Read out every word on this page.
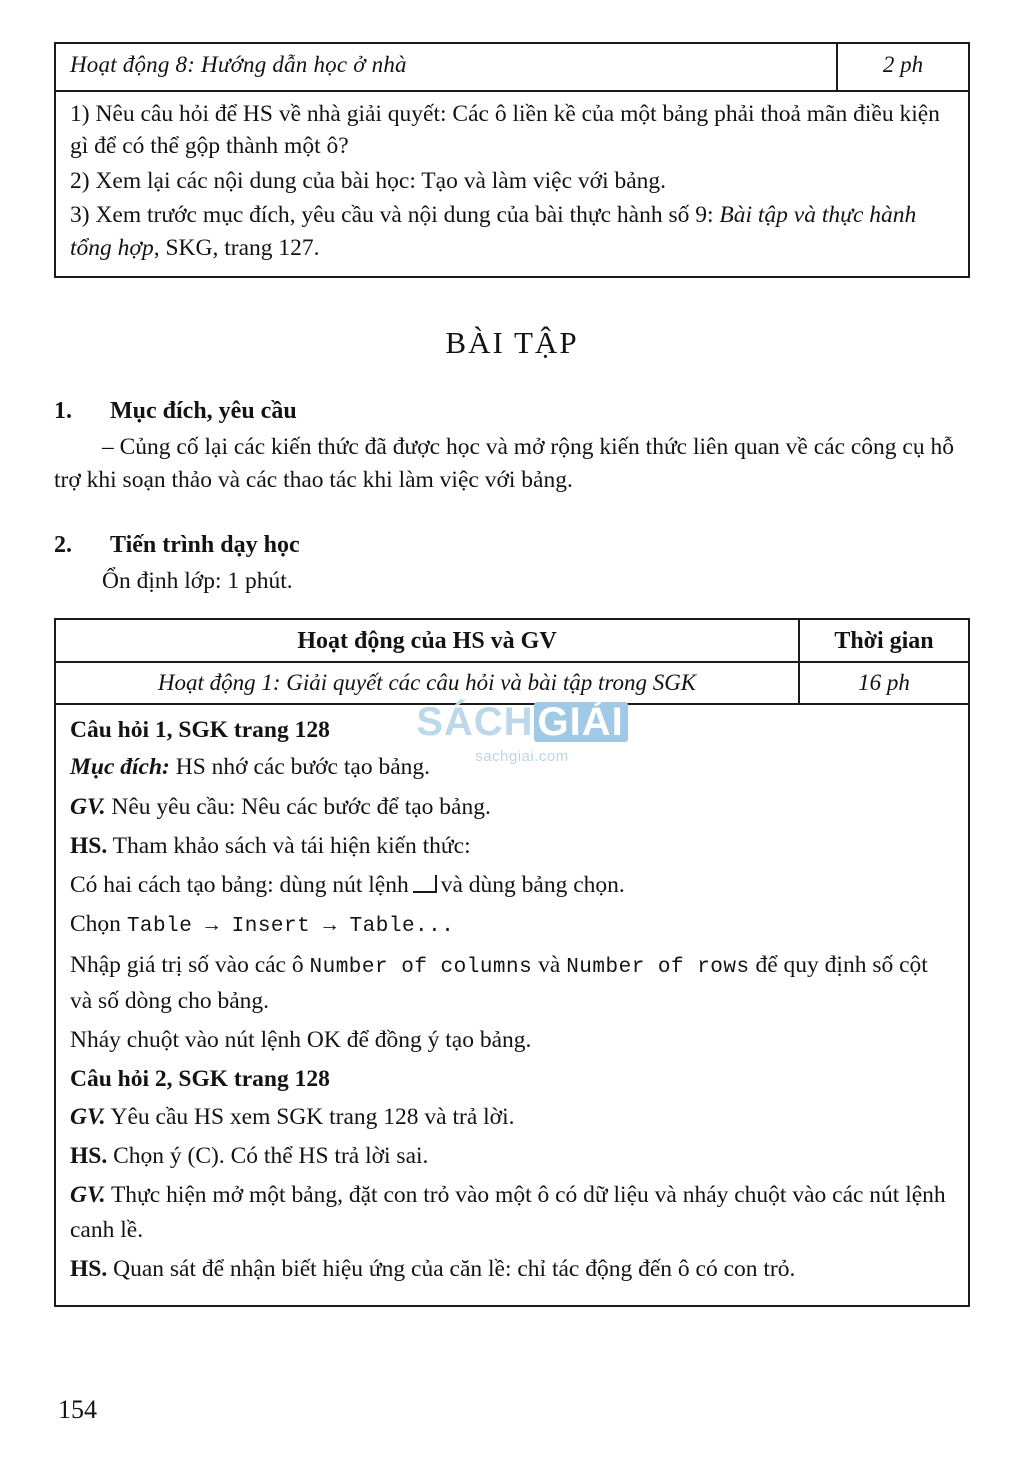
Hoạt động 8: Hướng dẫn học ở nhà	2 ph

1) Nêu câu hỏi để HS về nhà giải quyết: Các ô liền kề của một bảng phải thoả mãn điều kiện gì để có thể gộp thành một ô?

2) Xem lại các nội dung của bài học: Tạo và làm việc với bảng.

3) Xem trước mục đích, yêu cầu và nội dung của bài thực hành số 9: Bài tập và thực hành tổng hợp, SKG, trang 127.

BÀI TẬP
1.	Mục đích, yêu cầu
– Củng cố lại các kiến thức đã được học và mở rộng kiến thức liên quan về các công cụ hỗ trợ khi soạn thảo và các thao tác khi làm việc với bảng.
2.	Tiến trình dạy học
Ổn định lớp: 1 phút.
Hoạt động của HS và GV	Thời gian
Hoạt động 1: Giải quyết các câu hỏi và bài tập trong SGK	16 ph

Câu hỏi 1, SGK trang 128

Mục đích: HS nhớ các bước tạo bảng.

GV. Nêu yêu cầu: Nêu các bước để tạo bảng.

HS. Tham khảo sách và tái hiện kiến thức:

Có hai cách tạo bảng: dùng nút lệnh và dùng bảng chọn.

Chọn Table → Insert → Table...

Nhập giá trị số vào các ô Number of columns và Number of rows để quy định số cột và số dòng cho bảng.

Nháy chuột vào nút lệnh OK để đồng ý tạo bảng.

Câu hỏi 2, SGK trang 128

GV. Yêu cầu HS xem SGK trang 128 và trả lời.

HS. Chọn ý (C). Có thể HS trả lời sai.

GV. Thực hiện mở một bảng, đặt con trỏ vào một ô có dữ liệu và nháy chuột vào các nút lệnh canh lề.

HS. Quan sát để nhận biết hiệu ứng của căn lề: chỉ tác động đến ô có con trỏ.

SÁCH GIẢI
sachgiai.com
154
